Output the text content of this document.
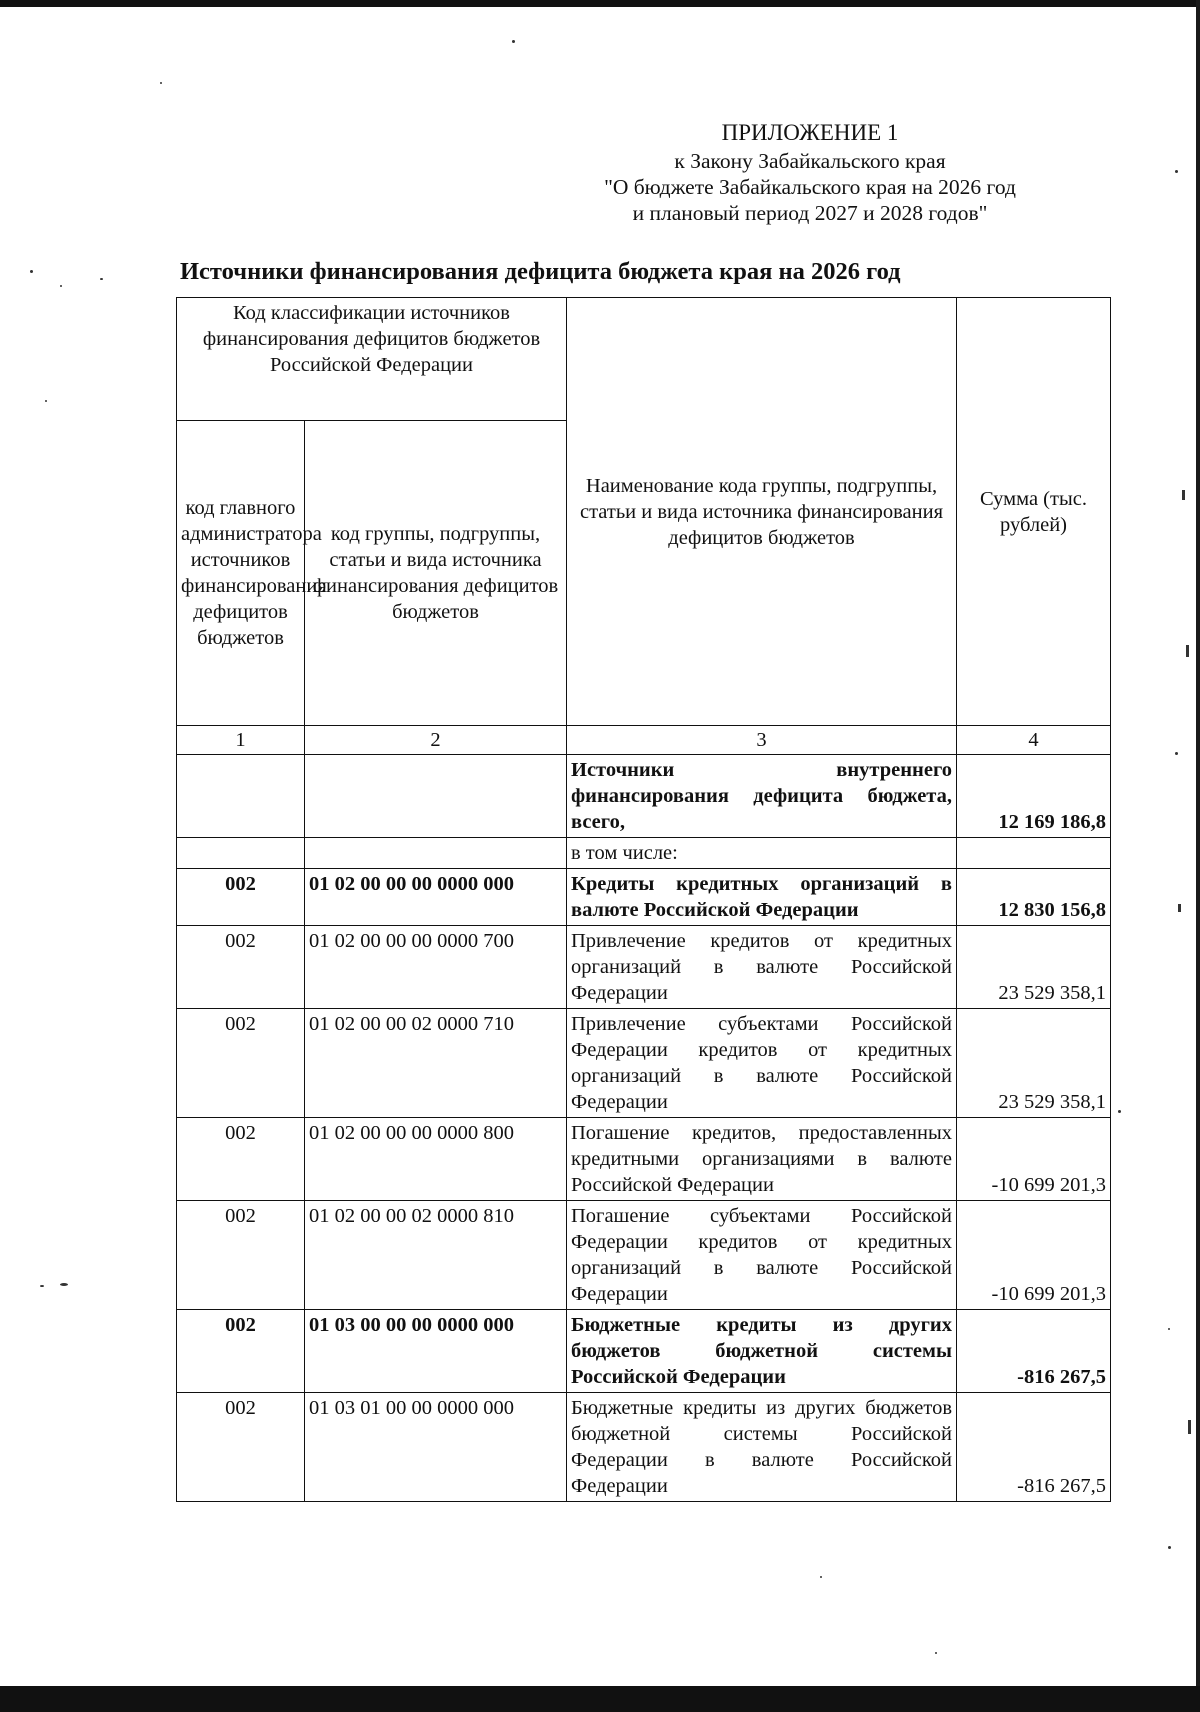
ПРИЛОЖЕНИЕ 1
к Закону Забайкальского края
"О бюджете Забайкальского края на 2026 год
и плановый период 2027 и 2028 годов"
Источники финансирования дефицита бюджета края на 2026 год
Код классификации источников финансирования дефицитов бюджетов Российской Федерации		Наименование кода группы, подгруппы, статьи и вида источника финансирования дефицитов бюджетов	Сумма (тыс. рублей)
код главного администратора источников финансирования дефицитов бюджетов	код группы, подгруппы, статьи и вида источника финансирования дефицитов бюджетов		
1	2	3	4
		Источники внутреннего финансирования дефицита бюджета, всего,	12 169 186,8
		в том числе:	
002	01 02 00 00 00 0000 000	Кредиты кредитных организаций в валюте Российской Федерации	12 830 156,8
002	01 02 00 00 00 0000 700	Привлечение кредитов от кредитных организаций в валюте Российской Федерации	23 529 358,1
002	01 02 00 00 02 0000 710	Привлечение субъектами Российской Федерации кредитов от кредитных организаций в валюте Российской Федерации	23 529 358,1
002	01 02 00 00 00 0000 800	Погашение кредитов, предоставленных кредитными организациями в валюте Российской Федерации	-10 699 201,3
002	01 02 00 00 02 0000 810	Погашение субъектами Российской Федерации кредитов от кредитных организаций в валюте Российской Федерации	-10 699 201,3
002	01 03 00 00 00 0000 000	Бюджетные кредиты из других бюджетов бюджетной системы Российской Федерации	-816 267,5
002	01 03 01 00 00 0000 000	Бюджетные кредиты из других бюджетов бюджетной системы Российской Федерации в валюте Российской Федерации	-816 267,5
